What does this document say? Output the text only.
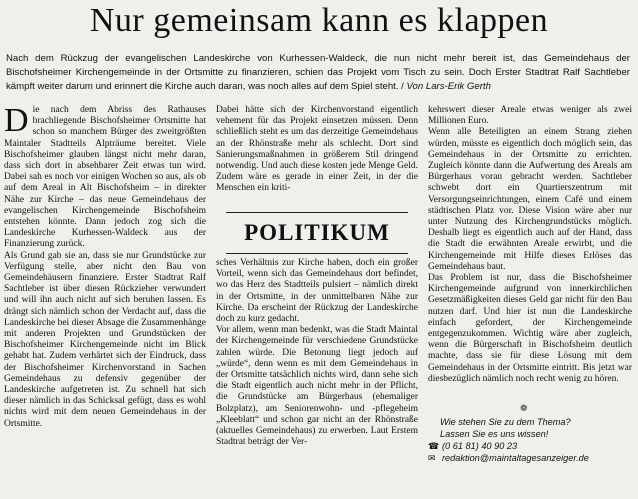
Nur gemeinsam kann es klappen
Nach dem Rückzug der evangelischen Landeskirche von Kurhessen-Waldeck, die nun nicht mehr bereit ist, das Gemeindehaus der Bischofsheimer Kirchengemeinde in der Ortsmitte zu finanzieren, schien das Projekt vom Tisch zu sein. Doch Erster Stadtrat Ralf Sachtleber kämpft weiter darum und erinnert die Kirche auch daran, was noch alles auf dem Spiel steht. / Von Lars-Erik Gerth
Die nach dem Abriss des Rathauses brachliegende Bischofsheimer Ortsmitte hat schon so manchem Bürger des zweitgrößten Maintaler Stadtteils Alpträume bereitet. Viele Bischofsheimer glauben längst nicht mehr daran, dass sich dort in absehbarer Zeit etwas tun wird. Dabei sah es noch vor einigen Wochen so aus, als ob auf dem Areal in Alt Bischofsheim – in direkter Nähe zur Kirche – das neue Gemeindehaus der evangelischen Kirchengemeinde Bischofsheim entstehen könnte. Dann jedoch zog sich die Landeskirche Kurhessen-Waldeck aus der Finanzierung zurück.
Als Grund gab sie an, dass sie nur Grundstücke zur Verfügung stelle, aber nicht den Bau von Gemeindehäusern finanziere. Erster Stadtrat Ralf Sachtleber ist über diesen Rückzieher verwundert und will ihn auch nicht auf sich beruhen lassen. Es drängt sich nämlich schon der Verdacht auf, dass die Landeskirche bei dieser Absage die Zusammenhänge mit anderen Projekten und Grundstücken der Bischofsheimer Kirchengemeinde nicht im Blick gehabt hat. Zudem verhärtet sich der Eindruck, dass der Bischofsheimer Kirchenvorstand in Sachen Gemeindehaus zu defensiv gegenüber der Landeskirche aufgetreten ist. Zu schnell hat sich dieser nämlich in das Schicksal gefügt, dass es wohl nichts wird mit dem neuen Gemeindehaus in der Ortsmitte.
Dabei hätte sich der Kirchenvorstand eigentlich vehement für das Projekt einsetzen müssen. Denn schließlich steht es um das derzeitige Gemeindehaus an der Rhönstraße mehr als schlecht. Dort sind Sanierungsmaßnahmen in größerem Stil dringend notwendig. Und auch diese kosten jede Menge Geld. Zudem wäre es gerade in einer Zeit, in der die Menschen ein kriti-
POLITIKUM
sches Verhältnis zur Kirche haben, doch ein großer Vorteil, wenn sich das Gemeindehaus dort befindet, wo das Herz des Stadtteils pulsiert – nämlich direkt in der Ortsmitte, in der unmittelbaren Nähe zur Kirche. Da erscheint der Rückzug der Landeskirche doch zu kurz gedacht.
Vor allem, wenn man bedenkt, was die Stadt Maintal der Kirchengemeinde für verschiedene Grundstücke zahlen würde. Die Betonung liegt jedoch auf „würde“, denn wenn es mit dem Gemeindehaus in der Ortsmitte tatsächlich nichts wird, dann sehe sich die Stadt eigentlich auch nicht mehr in der Pflicht, die Grundstücke am Bürgerhaus (ehemaliger Bolzplatz), am Seniorenwohn- und -pflegeheim „Kleeblatt“ und schon gar nicht an der Rhönstraße (aktuelles Gemeindehaus) zu erwerben. Laut Erstem Stadtrat beträgt der Ver-
kehrswert dieser Areale etwas weniger als zwei Millionen Euro.
Wenn alle Beteiligten an einem Strang ziehen würden, müsste es eigentlich doch möglich sein, das Gemeindehaus in der Ortsmitte zu errichten. Zugleich könnte dann die Aufwertung des Areals am Bürgerhaus voran gebracht werden. Sachtleber schwebt dort ein Quartierszentrum mit Versorgungseinrichtungen, einem Café und einem städtischen Platz vor. Diese Vision wäre aber nur unter Nutzung des Kirchengrundstücks möglich. Deshalb liegt es eigentlich auch auf der Hand, dass die Stadt die erwähnten Areale erwirbt, und die Kirchengemeinde mit Hilfe dieses Erlöses das Gemeindehaus baut.
Das Problem ist nur, dass die Bischofsheimer Kirchengemeinde aufgrund von innerkirchlichen Gesetzmäßigkeiten dieses Geld gar nicht für den Bau nutzen darf. Und hier ist nun die Landeskirche einfach gefordert, der Kirchengemeinde entgegenzukommen. Wichtig wäre aber zugleich, wenn die Bürgerschaft in Bischofsheim deutlich machte, dass sie für diese Lösung mit dem Gemeindehaus in der Ortsmitte eintritt. Bis jetzt war diesbezüglich nämlich noch recht wenig zu hören.
❁
Wie stehen Sie zu dem Thema?
Lassen Sie es uns wissen!
☎ (0 61 81) 40 90 23
✉ redaktion@maintaltagesanzeiger.de
